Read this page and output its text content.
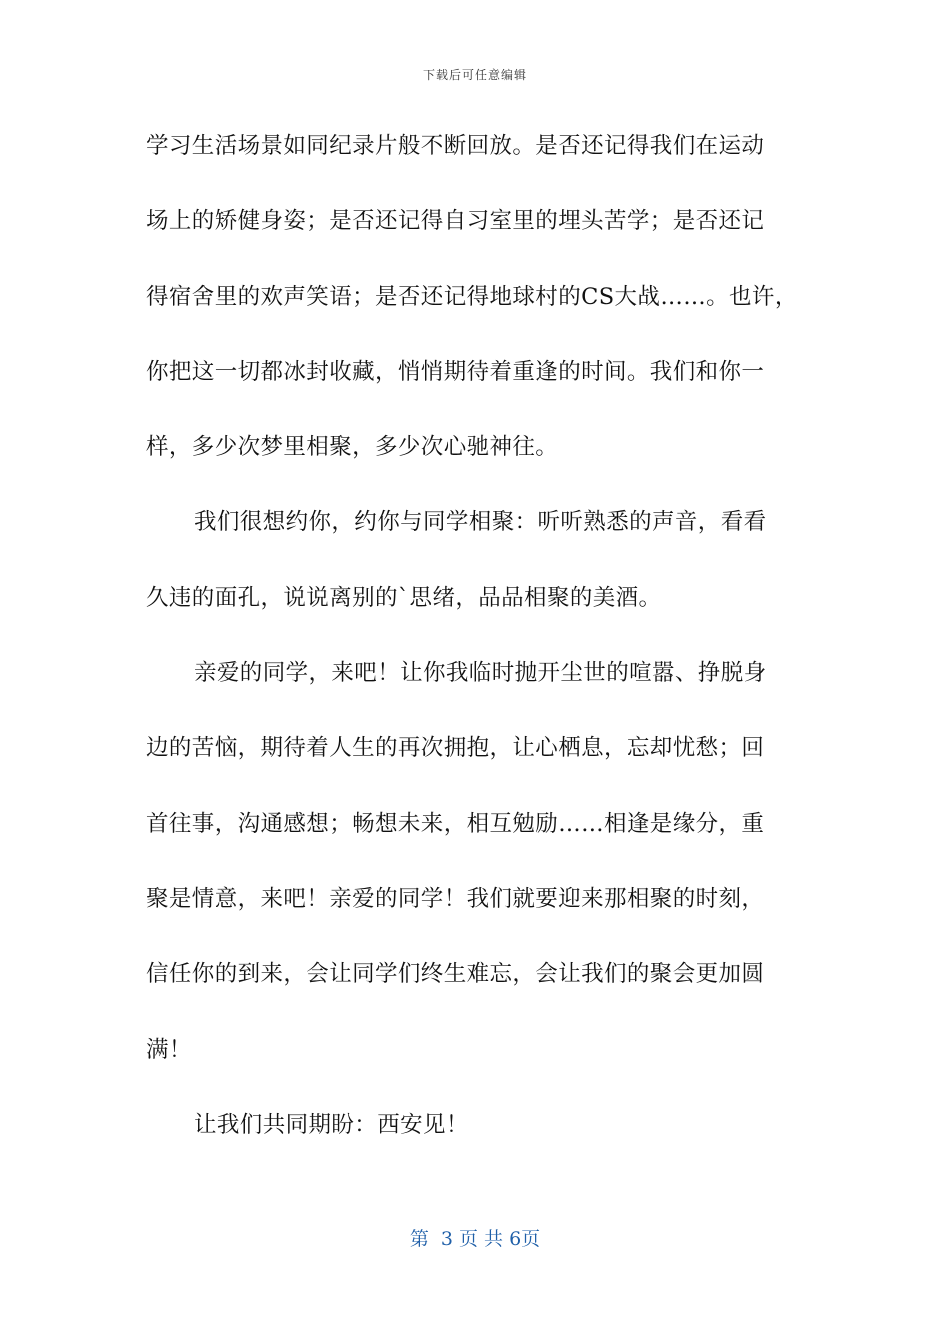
下载后可任意编辑
学习生活场景如同纪录片般不断回放。是否还记得我们在运动
场上的矫健身姿；是否还记得自习室里的埋头苦学；是否还记
得宿舍里的欢声笑语；是否还记得地球村的CS大战……。也许，
你把这一切都冰封收藏，悄悄期待着重逢的时间。我们和你一
样，多少次梦里相聚，多少次心驰神往。
我们很想约你，约你与同学相聚：听听熟悉的声音，看看
久违的面孔，说说离别的`思绪，品品相聚的美酒。
亲爱的同学，来吧！让你我临时抛开尘世的喧嚣、挣脱身
边的苦恼，期待着人生的再次拥抱，让心栖息，忘却忧愁；回
首往事，沟通感想；畅想未来，相互勉励……相逢是缘分，重
聚是情意，来吧！亲爱的同学！我们就要迎来那相聚的时刻，
信任你的到来，会让同学们终生难忘，会让我们的聚会更加圆
满！
让我们共同期盼：西安见！
第  3 页 共 6页
